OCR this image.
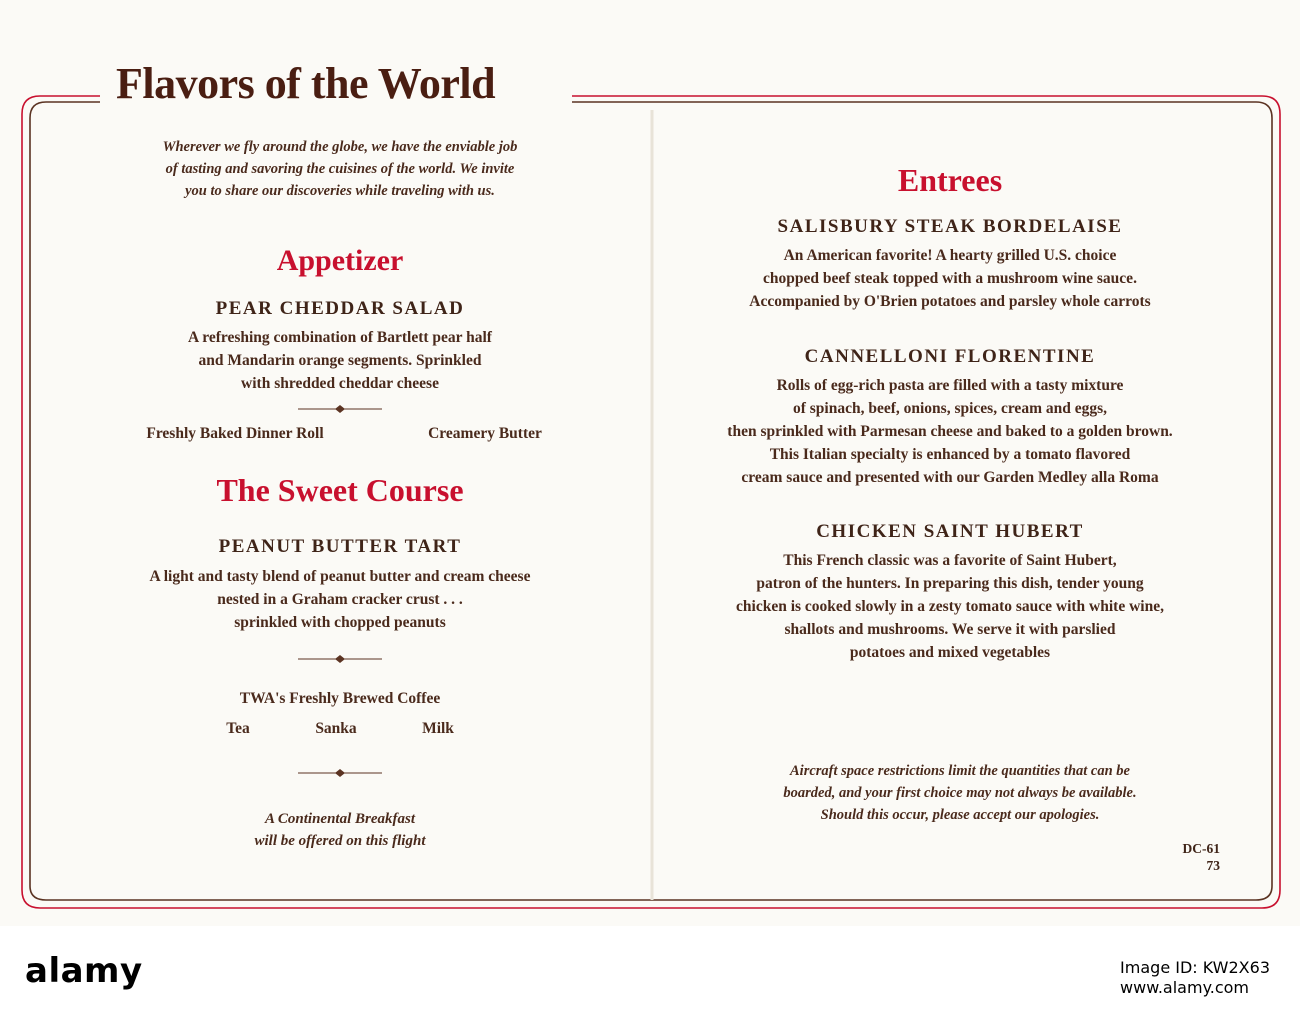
Flavors of the World
Wherever we fly around the globe, we have the enviable job
of tasting and savoring the cuisines of the world. We invite
you to share our discoveries while traveling with us.
Appetizer
PEAR CHEDDAR SALAD
A refreshing combination of Bartlett pear half
and Mandarin orange segments. Sprinkled
with shredded cheddar cheese
Freshly Baked Dinner Roll	Creamery Butter
The Sweet Course
PEANUT BUTTER TART
A light and tasty blend of peanut butter and cream cheese
nested in a Graham cracker crust . . .
sprinkled with chopped peanuts
TWA's Freshly Brewed Coffee
Tea	Sanka	Milk
A Continental Breakfast
will be offered on this flight
Entrees
SALISBURY STEAK BORDELAISE
An American favorite! A hearty grilled U.S. choice
chopped beef steak topped with a mushroom wine sauce.
Accompanied by O'Brien potatoes and parsley whole carrots
CANNELLONI FLORENTINE
Rolls of egg-rich pasta are filled with a tasty mixture
of spinach, beef, onions, spices, cream and eggs,
then sprinkled with Parmesan cheese and baked to a golden brown.
This Italian specialty is enhanced by a tomato flavored
cream sauce and presented with our Garden Medley alla Roma
CHICKEN SAINT HUBERT
This French classic was a favorite of Saint Hubert,
patron of the hunters. In preparing this dish, tender young
chicken is cooked slowly in a zesty tomato sauce with white wine,
shallots and mushrooms. We serve it with parslied
potatoes and mixed vegetables
Aircraft space restrictions limit the quantities that can be
boarded, and your first choice may not always be available.
Should this occur, please accept our apologies.
DC-61
73
alamy	Image ID: KW2X63
www.alamy.com
